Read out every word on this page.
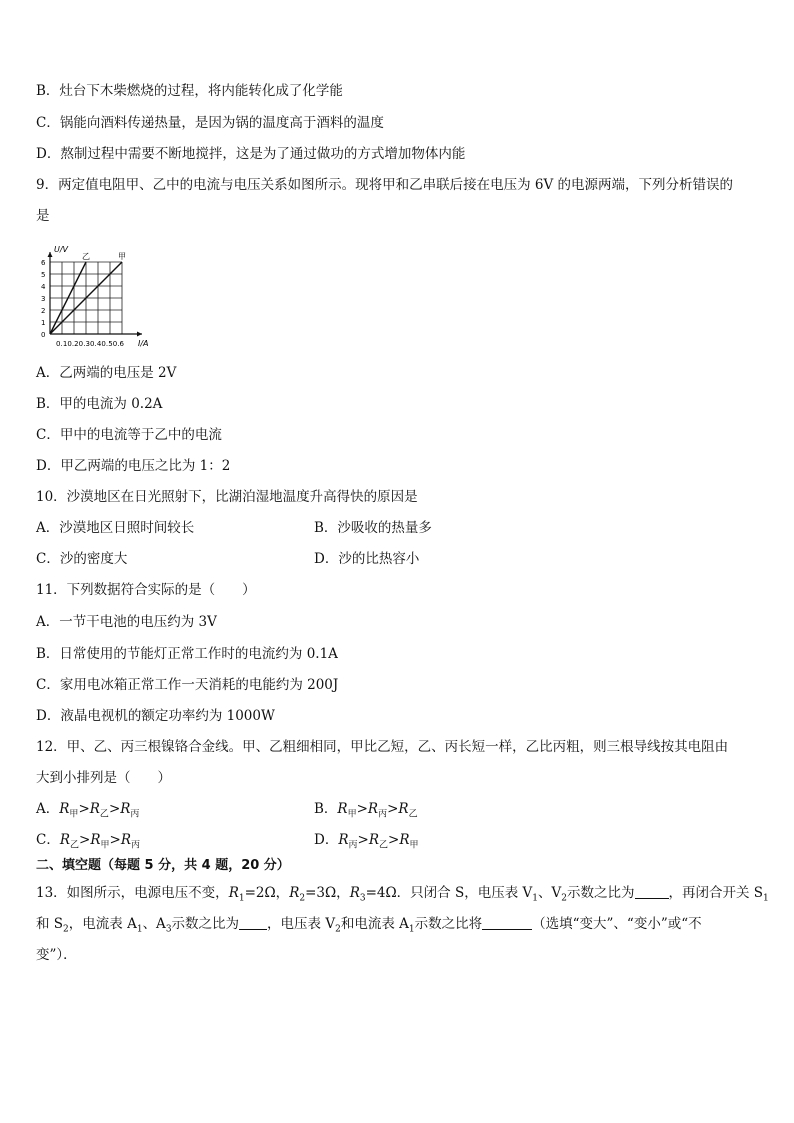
B．灶台下木柴燃烧的过程，将内能转化成了化学能
C．锅能向酒料传递热量，是因为锅的温度高于酒料的温度
D．熬制过程中需要不断地搅拌，这是为了通过做功的方式增加物体内能
9．两定值电阻甲、乙中的电流与电压关系如图所示。现将甲和乙串联后接在电压为 6V 的电源两端，下列分析错误的
是
0
1
2
3
4
5
6
U/V
I/A
0.10.20.30.40.50.6
乙	甲
A．乙两端的电压是 2V
B．甲的电流为 0.2A
C．甲中的电流等于乙中的电流
D．甲乙两端的电压之比为 1：2
10．沙漠地区在日光照射下，比湖泊湿地温度升高得快的原因是
A．沙漠地区日照时间较长	B．沙吸收的热量多
C．沙的密度大	D．沙的比热容小
11．下列数据符合实际的是（　　）
A．一节干电池的电压约为 3V
B．日常使用的节能灯正常工作时的电流约为 0.1A
C．家用电冰箱正常工作一天消耗的电能约为 200J
D．液晶电视机的额定功率约为 1000W
12．甲、乙、丙三根镍铬合金线。甲、乙粗细相同，甲比乙短，乙、丙长短一样，乙比丙粗，则三根导线按其电阻由
大到小排列是（　　）
A．$R_甲>R_乙>R_丙$	B．$R_甲>R_丙>R_乙$
C．$R_乙>R_甲>R_丙$	D．$R_丙>R_乙>R_甲$
二、填空题（每题 5 分，共 4 题，20 分）
13．如图所示，电源电压不变，$R_1=2\Omega$，$R_2=3\Omega$，$R_3=4\Omega$．只闭合 S，电压表 $V_1$、$V_2$示数之比为	，再闭合开关 $S_1$
和 $S_2$，电流表 $A_1$、$A_3$示数之比为 ，电压表 $V_2$和电流表 $A_1$示数之比将	（选填“变大”、“变小”或“不
变”）．
